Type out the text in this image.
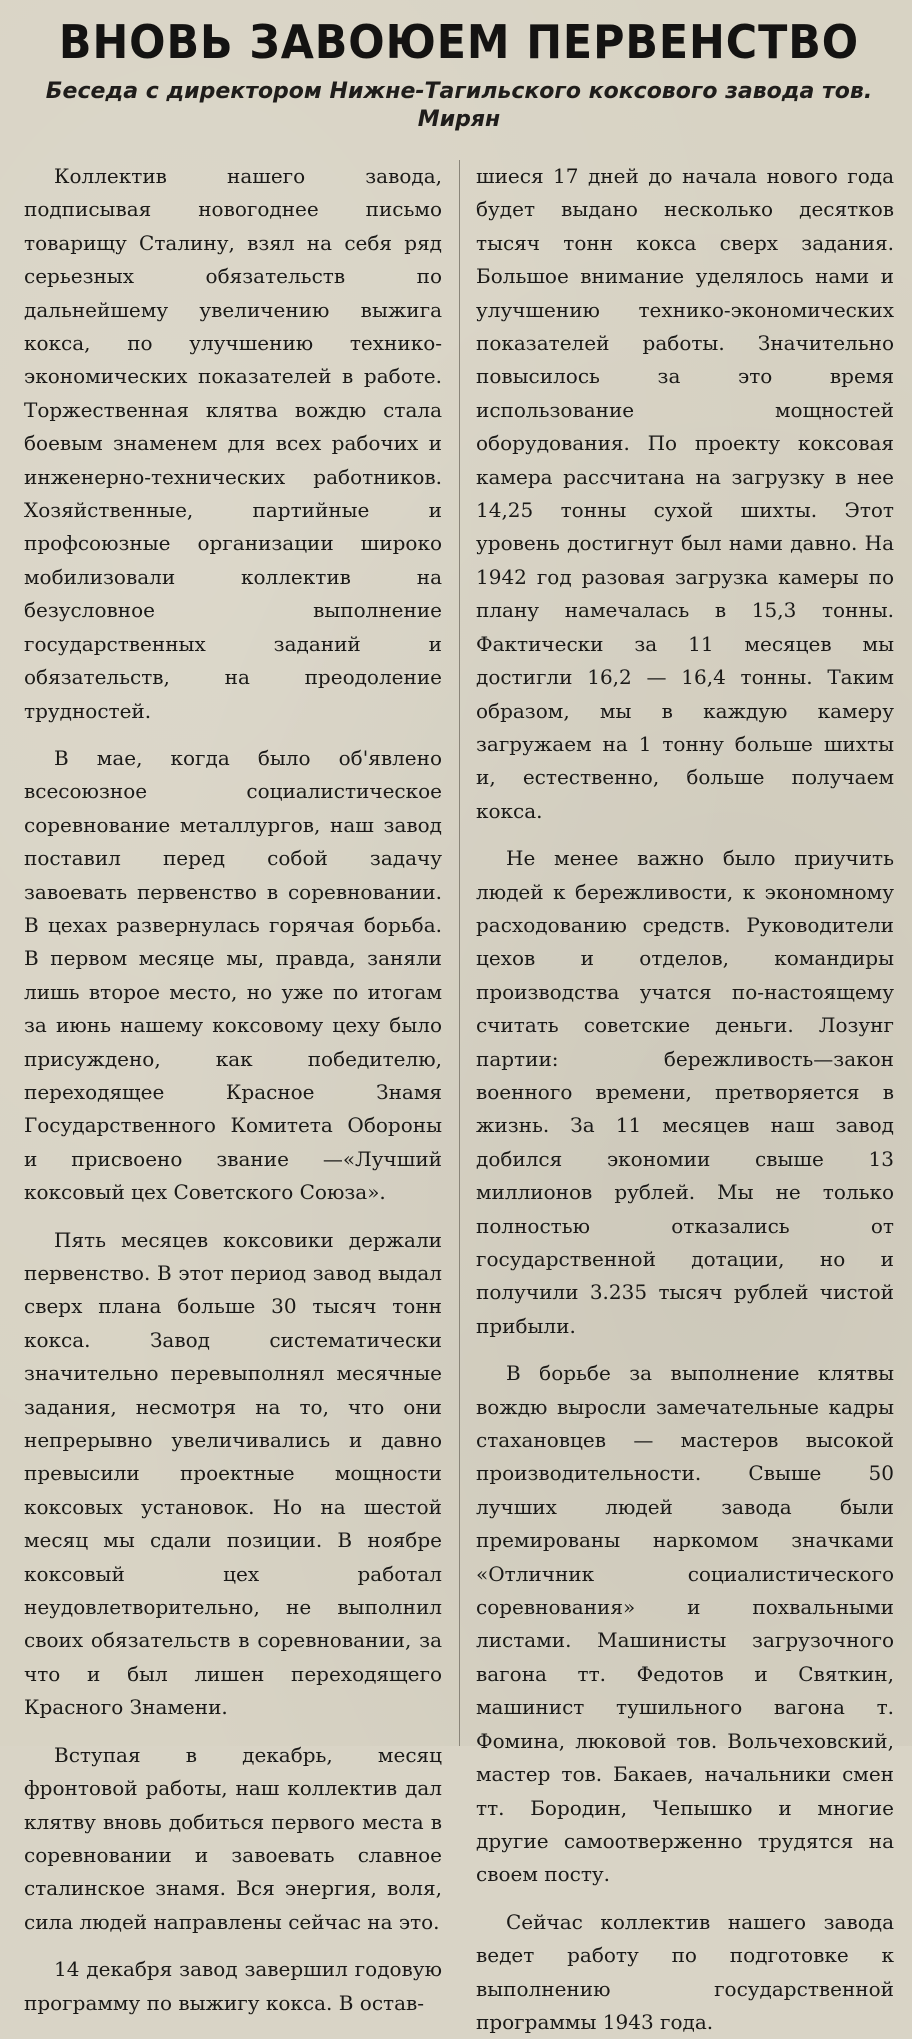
ВНОВЬ ЗАВОЮЕМ ПЕРВЕНСТВО
Беседа с директором Нижне-Тагильского коксового завода тов. Мирян

Коллектив нашего завода, подписывая новогоднее письмо товарищу Сталину, взял на себя ряд серьезных обязательств по дальнейшему увеличению выжига кокса, по улучшению технико-экономических показателей в работе. Торжественная клятва вождю стала боевым знаменем для всех рабочих и инженерно-технических работников. Хозяйственные, партийные и профсоюзные организации широко мобилизовали коллектив на безусловное выполнение государственных заданий и обязательств, на преодоление трудностей.

В мае, когда было об'явлено всесоюзное социалистическое соревнование металлургов, наш завод поставил перед собой задачу завоевать первенство в соревновании. В цехах развернулась горячая борьба. В первом месяце мы, правда, заняли лишь второе место, но уже по итогам за июнь нашему коксовому цеху было присуждено, как победителю, переходящее Красное Знамя Государственного Комитета Обороны и присвоено звание —«Лучший коксовый цех Советского Союза».

Пять месяцев коксовики держали первенство. В этот период завод выдал сверх плана больше 30 тысяч тонн кокса. Завод систематически значительно перевыполнял месячные задания, несмотря на то, что они непрерывно увеличивались и давно превысили проектные мощности коксовых установок. Но на шестой месяц мы сдали позиции. В ноябре коксовый цех работал неудовлетворительно, не выполнил своих обязательств в соревновании, за что и был лишен переходящего Красного Знамени.

Вступая в декабрь, месяц фронтовой работы, наш коллектив дал клятву вновь добиться первого места в соревновании и завоевать славное сталинское знамя. Вся энергия, воля, сила людей направлены сейчас на это.

14 декабря завод завершил годовую программу по выжигу кокса. В остав-

шиеся 17 дней до начала нового года будет выдано несколько десятков тысяч тонн кокса сверх задания. Большое внимание уделялось нами и улучшению технико-экономических показателей работы. Значительно повысилось за это время использование мощностей оборудования. По проекту коксовая камера рассчитана на загрузку в нее 14,25 тонны сухой шихты. Этот уровень достигнут был нами давно. На 1942 год разовая загрузка камеры по плану намечалась в 15,3 тонны. Фактически за 11 месяцев мы достигли 16,2 — 16,4 тонны. Таким образом, мы в каждую камеру загружаем на 1 тонну больше шихты и, естественно, больше получаем кокса.

Не менее важно было приучить людей к бережливости, к экономному расходованию средств. Руководители цехов и отделов, командиры производства учатся по-настоящему считать советские деньги. Лозунг партии: бережливость—закон военного времени, претворяется в жизнь. За 11 месяцев наш завод добился экономии свыше 13 миллионов рублей. Мы не только полностью отказались от государственной дотации, но и получили 3.235 тысяч рублей чистой прибыли.

В борьбе за выполнение клятвы вождю выросли замечательные кадры стахановцев — мастеров высокой производительности. Свыше 50 лучших людей завода были премированы наркомом значками «Отличник социалистического соревнования» и похвальными листами. Машинисты загрузочного вагона тт. Федотов и Святкин, машинист тушильного вагона т. Фомина, люковой тов. Вольчеховский, мастер тов. Бакаев, начальники смен тт. Бородин, Чепышко и многие другие самоотверженно трудятся на своем посту.

Сейчас коллектив нашего завода ведет работу по подготовке к выполнению государственной программы 1943 года.
